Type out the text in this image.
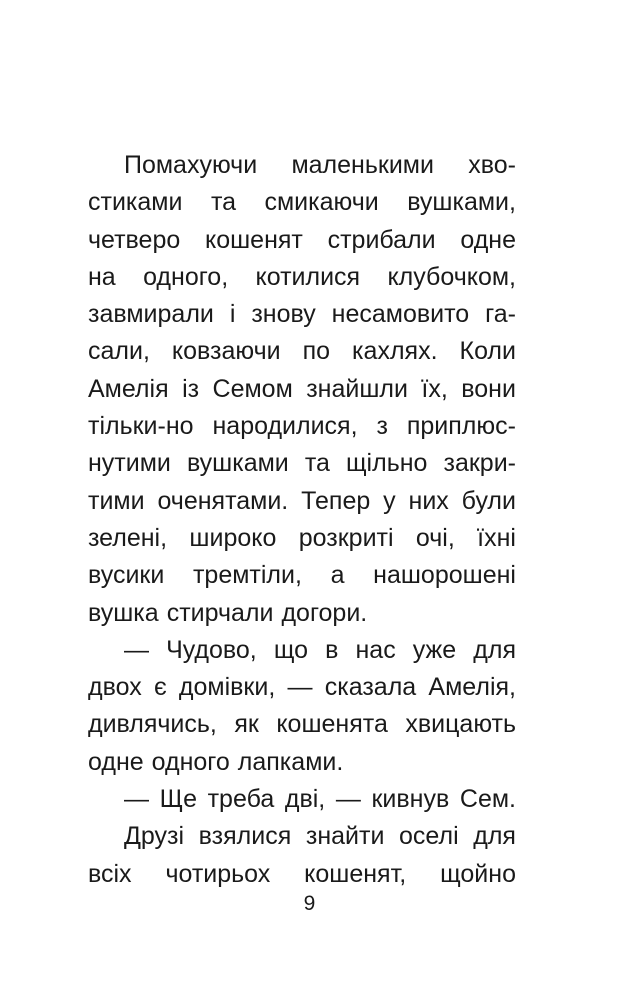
Помахуючи маленькими хво-
стиками та смикаючи вушками,
четверо кошенят стрибали одне
на одного, котилися клубочком,
завмирали і знову несамовито га-
сали, ковзаючи по кахлях. Коли
Амелія із Семом знайшли їх, вони
тільки-но народилися, з приплюс-
нутими вушками та щільно закри-
тими оченятами. Тепер у них були
зелені, широко розкриті очі, їхні
вусики тремтіли, а нашорошені
вушка стирчали догори.
— Чудово, що в нас уже для
двох є домівки, — сказала Амелія,
дивлячись, як кошенята хвицають
одне одного лапками.
— Ще треба дві, — кивнув Сем.
Друзі взялися знайти оселі для
всіх чотирьох кошенят, щойно
9
